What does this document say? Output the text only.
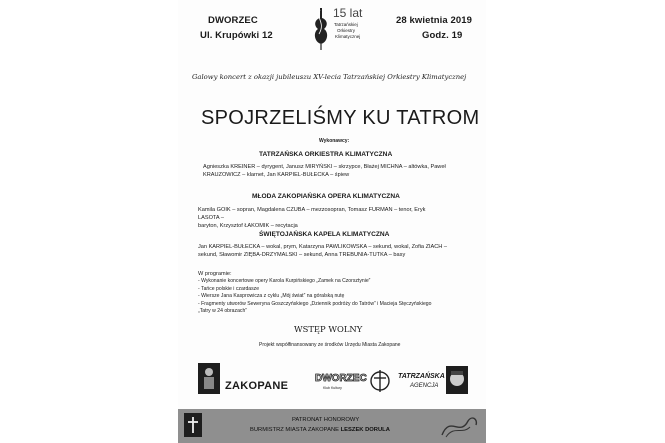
DWORZEC
Ul. Krupówki 12
15 lat
Tatrzańskiej
Orkiestry
Klimatycznej
28 kwietnia 2019
Godz. 19
Galowy koncert z okazji jubileuszu XV-lecia Tatrzańskiej Orkiestry Klimatycznej
SPOJRZELIŚMY KU TATROM
Wykonawcy:
TATRZAŃSKA ORKIESTRA KLIMATYCZNA
Agnieszka KREINER – dyrygent, Janusz MIRYŃSKI – skrzypce, Błażej MICHNA – altówka, Paweł
KRAUZOWICZ – klarnet, Jan KARPIEL-BUŁECKA – śpiew
MŁODA ZAKOPIAŃSKA OPERA KLIMATYCZNA
Kamila GOIK – sopran, Magdalena CZUBA – mezzosopran, Tomasz FURMAN – tenor, Eryk LASOTA –
baryton, Krzysztof ŁAKOMIK – recytacja
ŚWIĘTOJAŃSKA KAPELA KLIMATYCZNA
Jan KARPIEL-BUŁECKA – wokal, prym, Katarzyna PAWLIKOWSKA – sekund, wokal, Zofia ZIACH –
sekund, Sławomir ZIĘBA-DRZYMALSKI – sekund, Anna TREBUNIA-TUTKA – basy
W programie:
- Wykonanie koncertowe opery Karola Kurpińskiego „Zamek na Czorsztynie”
- Tańce polskie i czardasze
- Wiersze Jana Kasprowicza z cyklu „Mój świat” na góralską nutę
- Fragmenty utworów Seweryna Goszczyńskiego „Dziennik podróży do Tatrów” i Macieja Stęczyńskiego
„Tatry w 24 obrazach”
WSTĘP WOLNY
Projekt współfinansowany ze środków Urzędu Miasta Zakopane
ZAKOPANE
DWORZEC
Klub Kultury
TATRZAŃSKA
AGENCJA
PATRONAT HONOROWY
BURMISTRZ MIASTA ZAKOPANE LESZEK DORULA
